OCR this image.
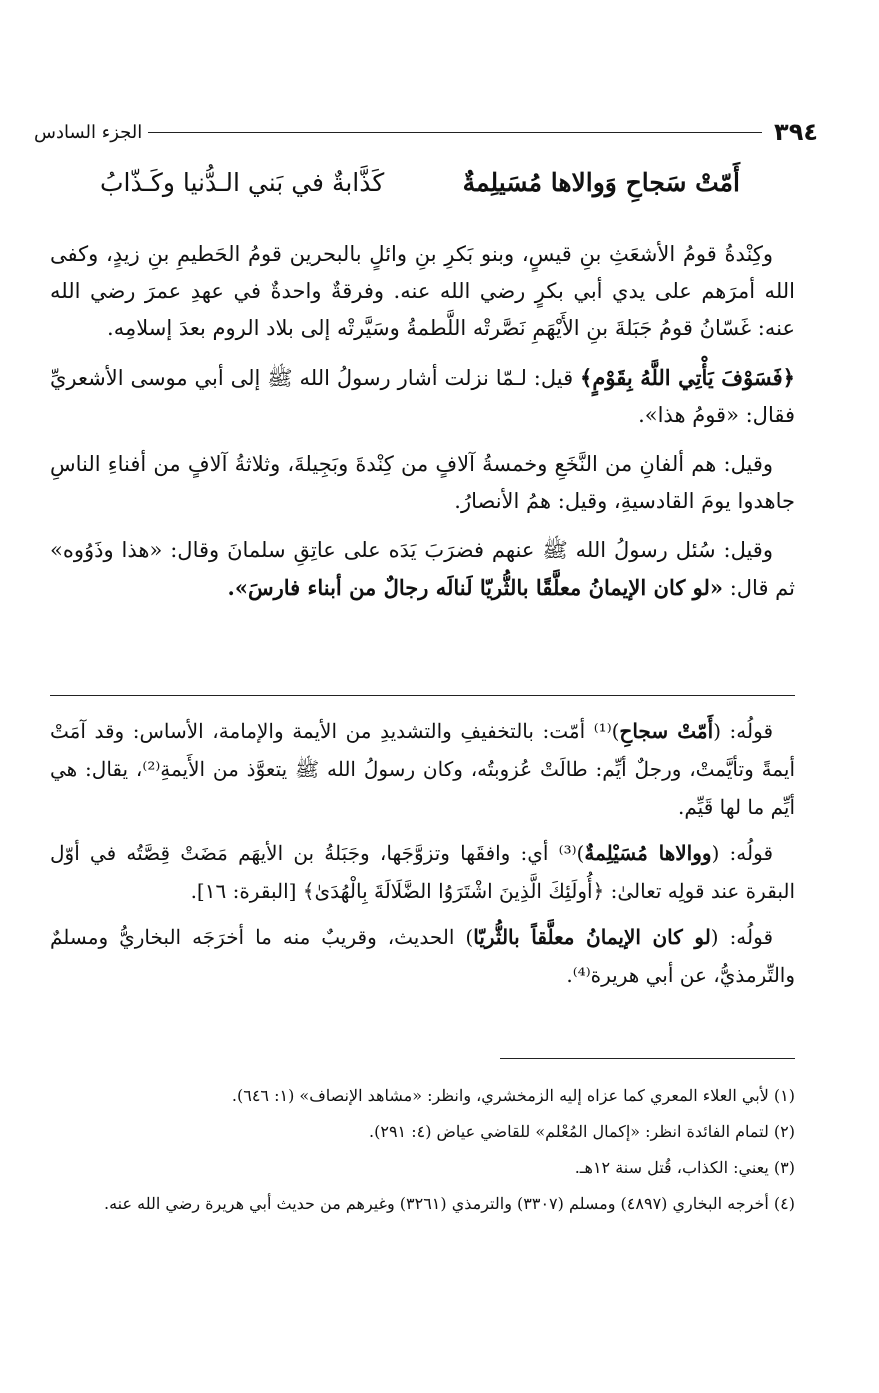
٣٩٤
الجزء السادس
أَمّتْ سَجاحِ وَوالاها مُسَيلِمةٌ
كَذَّابةٌ في بَني الـدُّنيا وكَـذّابُ

وكِنْدةُ قومُ الأشعَثِ بنِ قيسٍ، وبنو بَكرِ بنِ وائلٍ بالبحرين قومُ الحَطيمِ بنِ زيدٍ، وكفى الله أمرَهم على يدي أبي بكرٍ رضي الله عنه. وفرقةٌ واحدةٌ في عهدِ عمرَ رضي الله عنه: غَسّانُ قومُ جَبَلةَ بنِ الأَيْهَمِ نَصَّرتْه اللَّطمةُ وسَيَّرتْه إلى بلاد الروم بعدَ إسلامِه.

﴿فَسَوْفَ يَأْتِي اللَّهُ بِقَوْمٍ﴾ قيل: لـمّا نزلت أشار رسولُ الله ﷺ إلى أبي موسى الأشعريِّ فقال: «قومُ هذا».

وقيل: هم ألفانِ من النَّخَعِ وخمسةُ آلافٍ من كِنْدةَ وبَجِيلةَ، وثلاثةُ آلافٍ من أفناءِ الناسِ جاهدوا يومَ القادسيةِ، وقيل: همُ الأنصارُ.

وقيل: سُئل رسولُ الله ﷺ عنهم فضرَبَ يَدَه على عاتِقِ سلمانَ وقال: «هذا وذَوُوه» ثم قال: «لو كان الإيمانُ معلَّقًا بالثُّريّا لَنالَه رجالٌ من أبناء فارسَ».

قولُه: (أَمّتْ سجاحِ)⁽¹⁾ أمّت: بالتخفيفِ والتشديدِ من الأيمة والإمامة، الأساس: وقد آمَتْ أيمةً وتأيَّمتْ، ورجلٌ أيِّم: طالَتْ عُزوبتُه، وكان رسولُ الله ﷺ يتعوَّذ من الأَيمةِ⁽²⁾، يقال: هي أيِّم ما لها قَيِّم.

قولُه: (ووالاها مُسَيْلِمةٌ)⁽³⁾ أي: وافقَها وتزوَّجَها، وجَبَلةُ بن الأيهَم مَضَتْ قِصَّتُه في أوّل البقرة عند قولِه تعالىٰ: ﴿أُولَئِكَ الَّذِينَ اشْتَرَوُا الضَّلَالَةَ بِالْهُدَىٰ﴾ [البقرة: ١٦].

قولُه: (لو كان الإيمانُ معلَّقاً بالثُّريّا) الحديث، وقريبٌ منه ما أخرَجَه البخاريُّ ومسلمٌ والتِّرمذيُّ، عن أبي هريرة⁽⁴⁾.

(١) لأبي العلاء المعري كما عزاه إليه الزمخشري، وانظر: «مشاهد الإنصاف» (١: ٦٤٦).

(٢) لتمام الفائدة انظر: «إكمال المُعْلم» للقاضي عياض (٤: ٢٩١).

(٣) يعني: الكذاب، قُتل سنة ١٢هـ.

(٤) أخرجه البخاري (٤٨٩٧) ومسلم (٣٣٠٧) والترمذي (٣٢٦١) وغيرهم من حديث أبي هريرة رضي الله عنه.
